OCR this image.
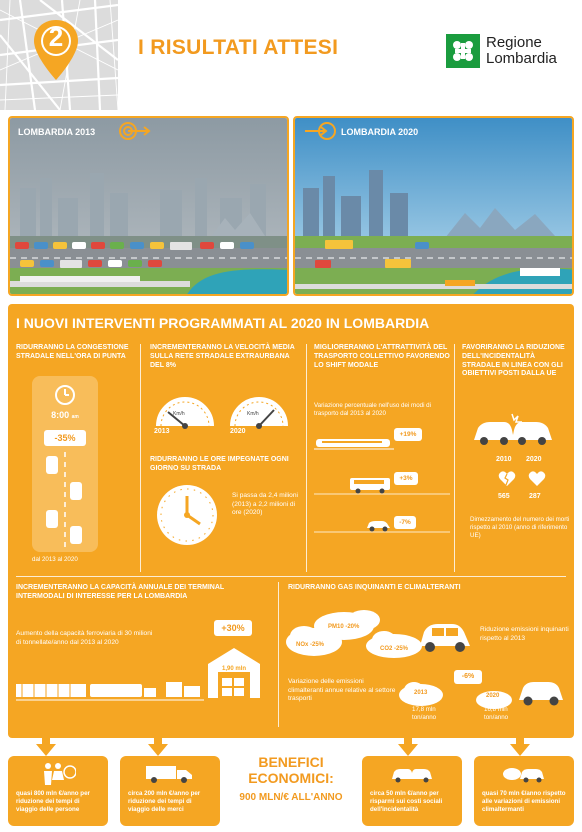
2	I RISULTATI ATTESI	Regione
Lombardia
LOMBARDIA 2013	LOMBARDIA 2020
I NUOVI INTERVENTI PROGRAMMATI AL 2020 IN LOMBARDIA
RIDURRANNO LA CONGESTIONE STRADALE NELL'ORA DI PUNTA
8:00 am
-35%
dal 2013 al 2020
INCREMENTERANNO LA VELOCITÀ MEDIA SULLA RETE STRADALE EXTRAURBANA DEL 8%
Km/h	Km/h
2013	2020
RIDURRANNO LE ORE IMPEGNATE OGNI GIORNO SU STRADA
Si passa da 2,4 milioni (2013) a 2,2 milioni di ore (2020)
MIGLIORERANNO L'ATTRATTIVITÀ DEL TRASPORTO COLLETTIVO FAVORENDO LO SHIFT MODALE
Variazione percentuale nell'uso dei modi di trasporto dal 2013 al 2020
+19%
+3%
-7%
FAVORIRANNO LA RIDUZIONE DELL'INCIDENTALITÀ STRADALE IN LINEA CON GLI OBIETTIVI POSTI DALLA UE
2010 2020
565	287
Dimezzamento del numero dei morti rispetto al 2010 (anno di riferimento UE)
INCREMENTERANNO LA CAPACITÀ ANNUALE DEI TERMINAL INTERMODALI DI INTERESSE PER LA LOMBARDIA
Aumento della capacità ferroviaria di 30 milioni di tonnellate/anno dal 2013 al 2020
+30%
1,90 mln
RIDURRANNO GAS INQUINANTI E CLIMALTERANTI
NOx -25%
PM10 -20%
CO2 -25%
Riduzione emissioni inquinanti rispetto al 2013
Variazione delle emissioni climalteranti annue relative al settore trasporti
2013
17,8 mln ton/anno
-6%
2020
16,8 mln ton/anno
quasi 800 mln €/anno per riduzione dei tempi di viaggio delle persone
circa 200 mln €/anno per riduzione dei tempi di viaggio delle merci
BENEFICI
ECONOMICI:
900 MLN/€ ALL'ANNO	circa 50 mln €/anno per risparmi sui costi sociali dell'incidentalità
quasi 70 mln €/anno rispetto alle variazioni di emissioni climaltermanti
